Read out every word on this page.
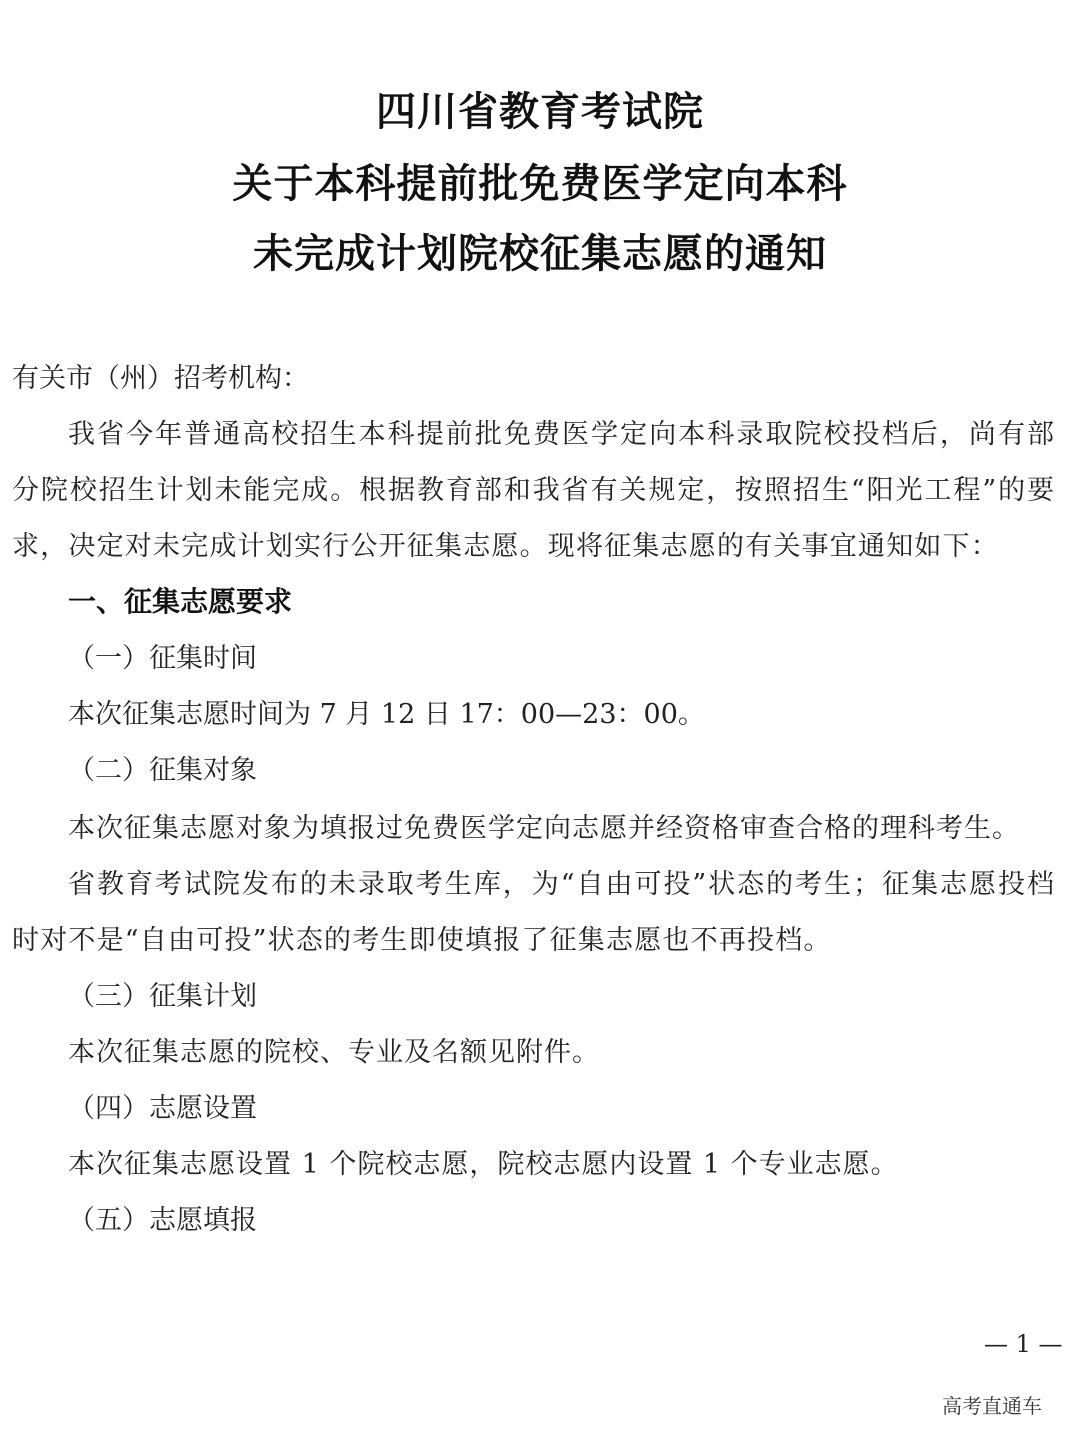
四川省教育考试院
关于本科提前批免费医学定向本科
未完成计划院校征集志愿的通知
有关市（州）招考机构：
我省今年普通高校招生本科提前批免费医学定向本科录取院校投档后，尚有部
分院校招生计划未能完成。根据教育部和我省有关规定，按照招生“阳光工程”的要
求，决定对未完成计划实行公开征集志愿。现将征集志愿的有关事宜通知如下：
一、征集志愿要求
（一）征集时间
本次征集志愿时间为 7 月 12 日 17：00—23：00。
（二）征集对象
本次征集志愿对象为填报过免费医学定向志愿并经资格审查合格的理科考生。
省教育考试院发布的未录取考生库，为“自由可投”状态的考生；征集志愿投档
时对不是“自由可投”状态的考生即使填报了征集志愿也不再投档。
（三）征集计划
本次征集志愿的院校、专业及名额见附件。
（四）志愿设置
本次征集志愿设置 1 个院校志愿，院校志愿内设置 1 个专业志愿。
（五）志愿填报
— 1 —
高考直通车
